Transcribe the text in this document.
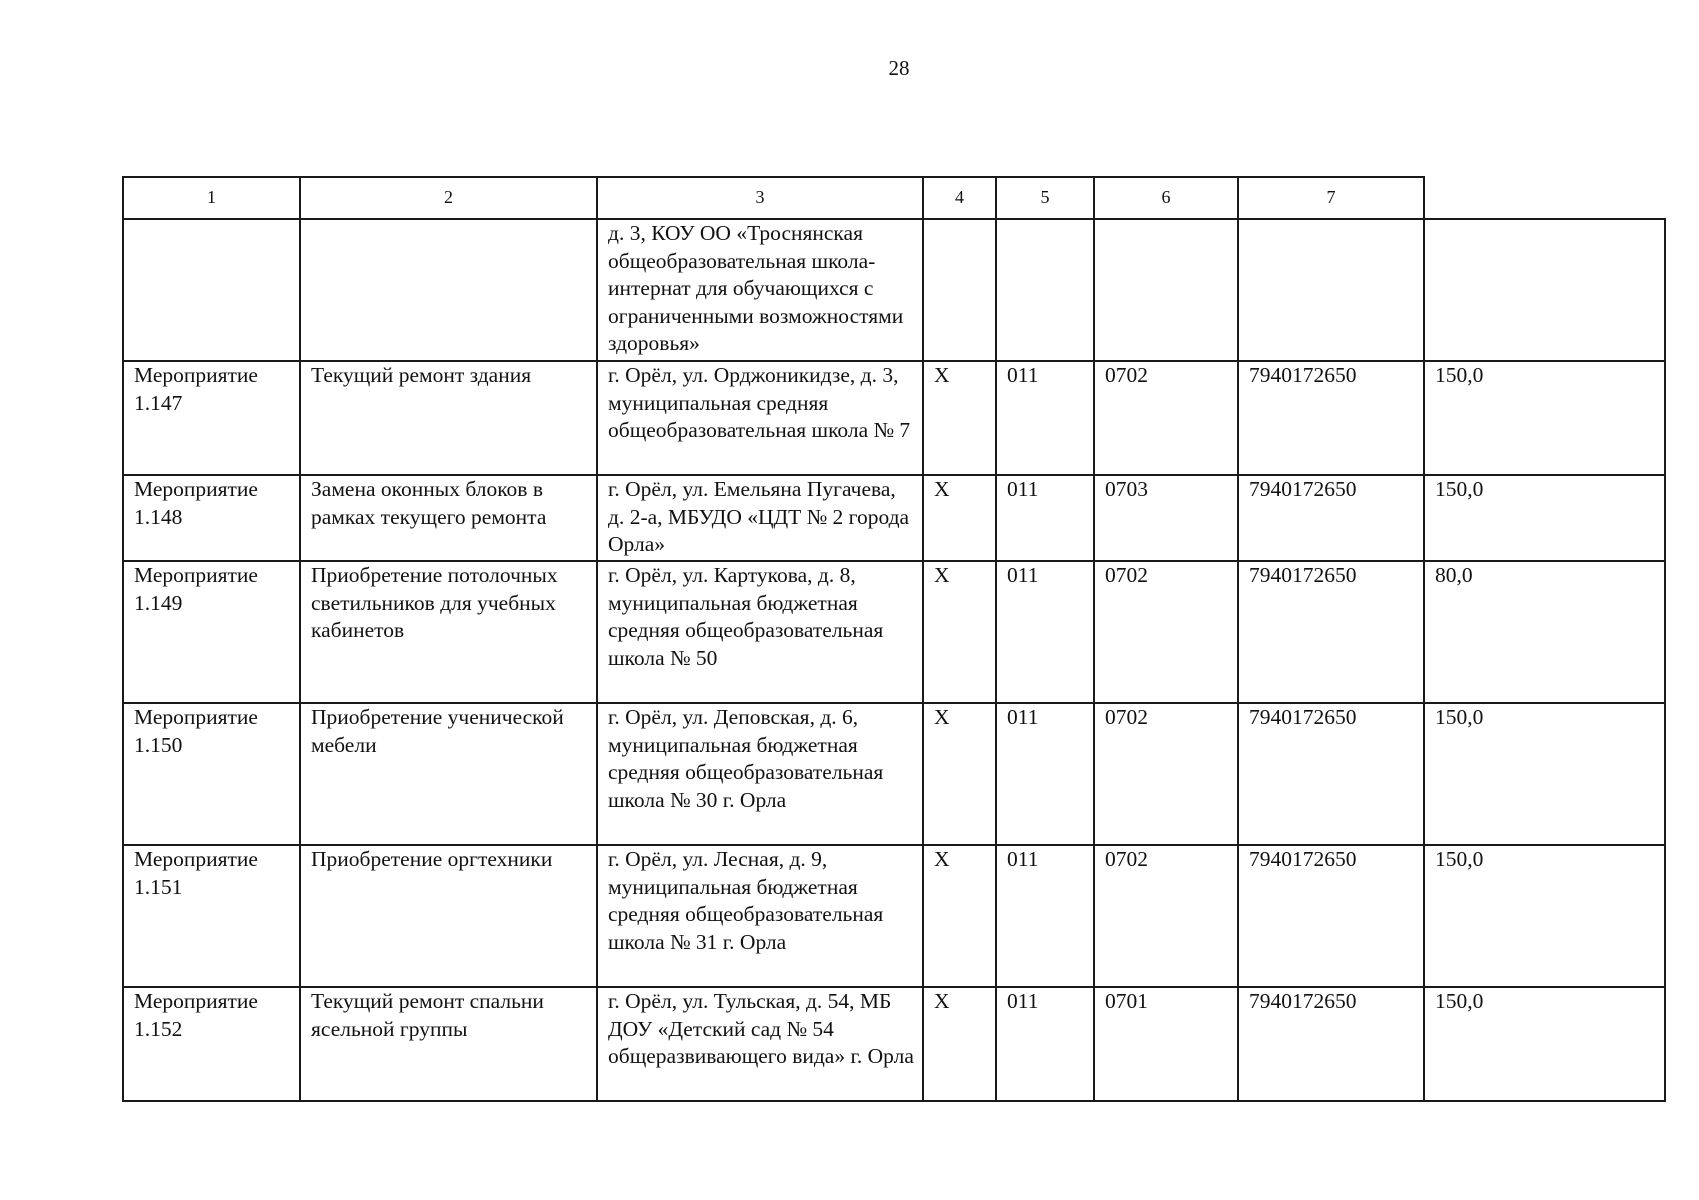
28
1	2	3	4	5	6	7	
		д. 3, КОУ ОО «Троснянская общеобразовательная школа-интернат для обучающихся с ограниченными возможностями здоровья»					
Мероприятие 1.147	Текущий ремонт здания	г. Орёл, ул. Орджоникидзе, д. 3, муниципальная средняя общеобразовательная школа № 7	Х	011	0702	7940172650	150,0
Мероприятие 1.148	Замена оконных блоков в рамках текущего ремонта	г. Орёл, ул. Емельяна Пугачева, д. 2-а, МБУДО «ЦДТ № 2 города Орла»	Х	011	0703	7940172650	150,0
Мероприятие 1.149	Приобретение потолочных светильников для учебных кабинетов	г. Орёл, ул. Картукова, д. 8, муниципальная бюджетная средняя общеобразовательная школа № 50	Х	011	0702	7940172650	80,0
Мероприятие 1.150	Приобретение ученической мебели	г. Орёл, ул. Деповская, д. 6, муниципальная бюджетная средняя общеобразовательная школа № 30 г. Орла	Х	011	0702	7940172650	150,0
Мероприятие 1.151	Приобретение оргтехники	г. Орёл, ул. Лесная, д. 9, муниципальная бюджетная средняя общеобразовательная школа № 31 г. Орла	Х	011	0702	7940172650	150,0
Мероприятие 1.152	Текущий ремонт спальни ясельной группы	г. Орёл, ул. Тульская, д. 54, МБ ДОУ «Детский сад № 54 общеразвивающего вида» г. Орла	Х	011	0701	7940172650	150,0
